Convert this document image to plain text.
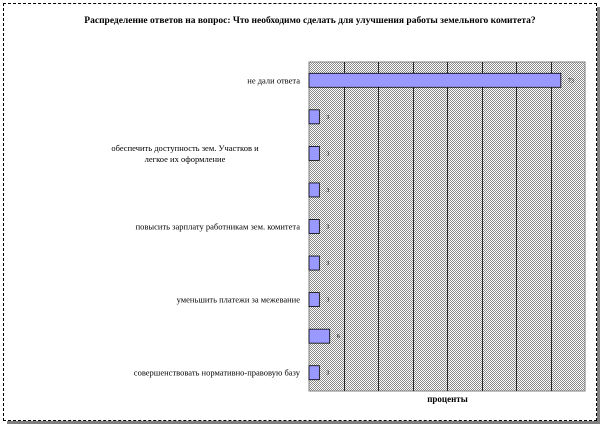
Распределение ответов на вопрос: Что необходимо сделать для улучшения работы земельного комитета?
не дали ответа
обеспечить доступность зем. Участков и легкое их оформление
повысить зарплату работникам зем. комитета
уменьшить платежи за межевание
совершенствовать нормативно-правовую базу
73
3
3
3
3
3
3
6
3
проценты
